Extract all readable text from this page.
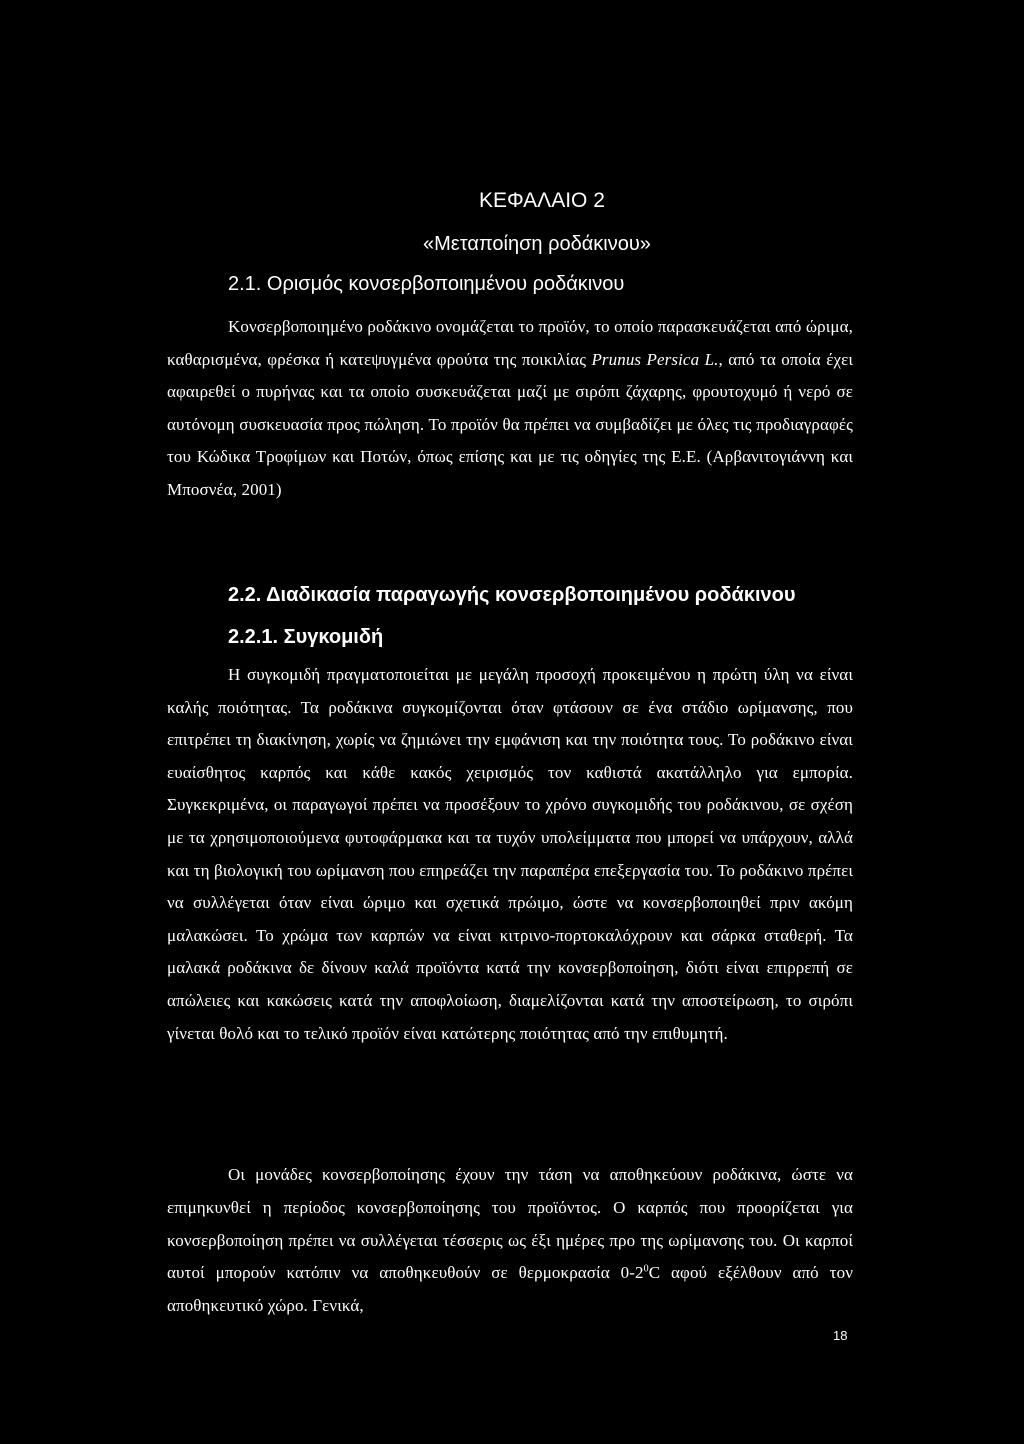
ΚΕΦΑΛΑΙΟ 2
«Μεταποίηση ροδάκινου»
2.1. Ορισμός κονσερβοποιημένου ροδάκινου

Κονσερβοποιημένο ροδάκινο ονομάζεται το προϊόν, το οποίο παρασκευάζεται από ώριμα, καθαρισμένα, φρέσκα ή κατεψυγμένα φρούτα της ποικιλίας Prunus Persica L., από τα οποία έχει αφαιρεθεί ο πυρήνας και τα οποίο συσκευάζεται μαζί με σιρόπι ζάχαρης, φρουτοχυμό ή νερό σε αυτόνομη συσκευασία προς πώληση. Το προϊόν θα πρέπει να συμβαδίζει με όλες τις προδιαγραφές του Κώδικα Τροφίμων και Ποτών, όπως επίσης και με τις οδηγίες της Ε.Ε. (Αρβανιτογιάννη και Μποσνέα, 2001)

2.2. Διαδικασία παραγωγής κονσερβοποιημένου ροδάκινου
2.2.1. Συγκομιδή

Η συγκομιδή πραγματοποιείται με μεγάλη προσοχή προκειμένου η πρώτη ύλη να είναι καλής ποιότητας. Τα ροδάκινα συγκομίζονται όταν φτάσουν σε ένα στάδιο ωρίμανσης, που επιτρέπει τη διακίνηση, χωρίς να ζημιώνει την εμφάνιση και την ποιότητα τους. Το ροδάκινο είναι ευαίσθητος καρπός και κάθε κακός χειρισμός τον καθιστά ακατάλληλο για εμπορία. Συγκεκριμένα, οι παραγωγοί πρέπει να προσέξουν το χρόνο συγκομιδής του ροδάκινου, σε σχέση με τα χρησιμοποιούμενα φυτοφάρμακα και τα τυχόν υπολείμματα που μπορεί να υπάρχουν, αλλά και τη βιολογική του ωρίμανση που επηρεάζει την παραπέρα επεξεργασία του. Το ροδάκινο πρέπει να συλλέγεται όταν είναι ώριμο και σχετικά πρώιμο, ώστε να κονσερβοποιηθεί πριν ακόμη μαλακώσει. Το χρώμα των καρπών να είναι κιτρινο-πορτοκαλόχρουν και σάρκα σταθερή. Τα μαλακά ροδάκινα δε δίνουν καλά προϊόντα κατά την κονσερβοποίηση, διότι είναι επιρρεπή σε απώλειες και κακώσεις κατά την αποφλοίωση, διαμελίζονται κατά την αποστείρωση, το σιρόπι γίνεται θολό και το τελικό προϊόν είναι κατώτερης ποιότητας από την επιθυμητή.

Οι μονάδες κονσερβοποίησης έχουν την τάση να αποθηκεύουν ροδάκινα, ώστε να επιμηκυνθεί η περίοδος κονσερβοποίησης του προϊόντος. Ο καρπός που προορίζεται για κονσερβοποίηση πρέπει να συλλέγεται τέσσερις ως έξι ημέρες προ της ωρίμανσης του. Οι καρποί αυτοί μπορούν κατόπιν να αποθηκευθούν σε θερμοκρασία $0-2^0C$ αφού εξέλθουν από τον αποθηκευτικό χώρο. Γενικά,

18
